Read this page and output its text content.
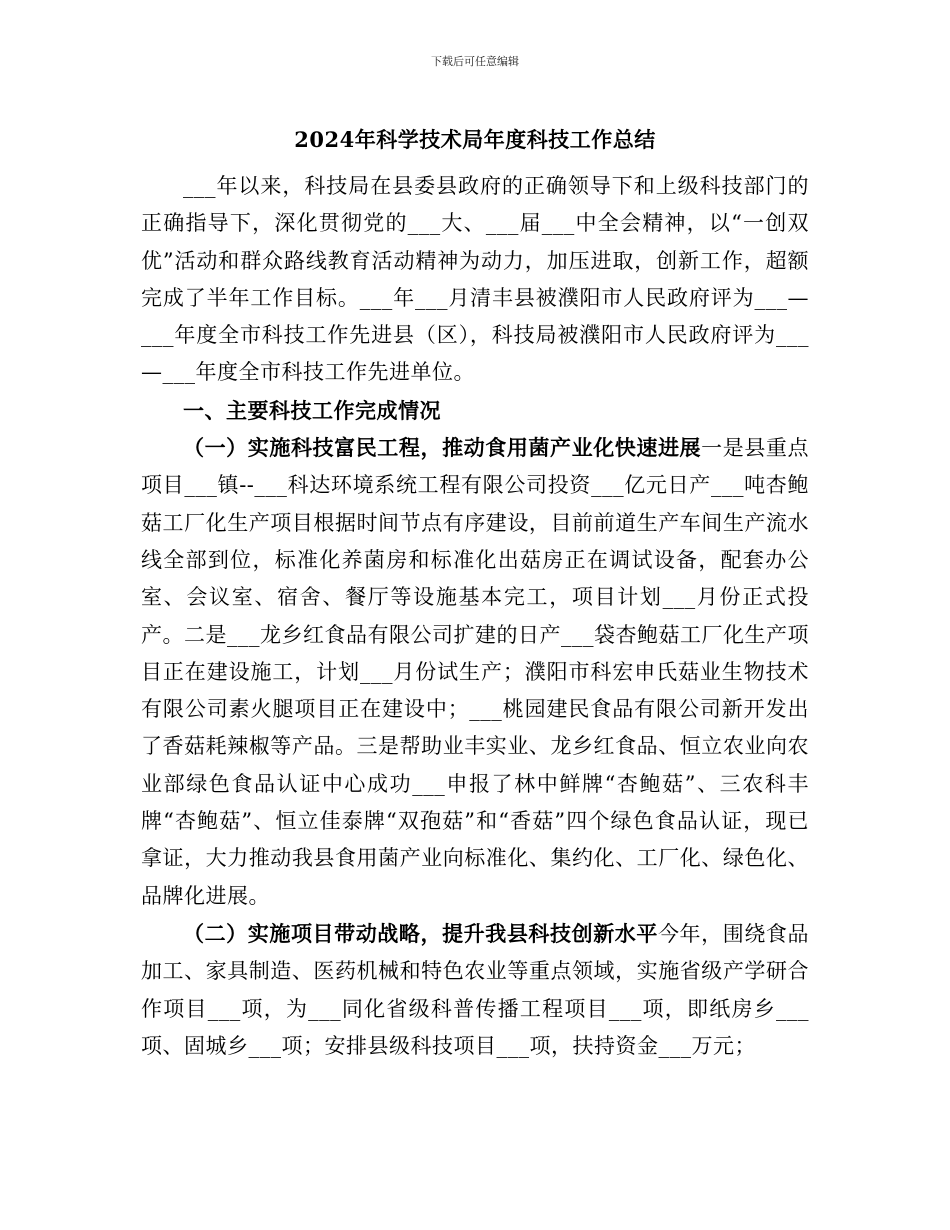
下载后可任意编辑
2024年科学技术局年度科技工作总结

___年以来，科技局在县委县政府的正确领导下和上级科技部门的正确指导下，深化贯彻党的___大、___届___中全会精神，以“一创双优”活动和群众路线教育活动精神为动力，加压进取，创新工作，超额完成了半年工作目标。___年___月清丰县被濮阳市人民政府评为___—___年度全市科技工作先进县（区），科技局被濮阳市人民政府评为___—___年度全市科技工作先进单位。

一、主要科技工作完成情况

（一）实施科技富民工程，推动食用菌产业化快速进展一是县重点项目___镇--___科达环境系统工程有限公司投资___亿元日产___吨杏鲍菇工厂化生产项目根据时间节点有序建设，目前前道生产车间生产流水线全部到位，标准化养菌房和标准化出菇房正在调试设备，配套办公室、会议室、宿舍、餐厅等设施基本完工，项目计划___月份正式投产。二是___龙乡红食品有限公司扩建的日产___袋杏鲍菇工厂化生产项目正在建设施工，计划___月份试生产；濮阳市科宏申氏菇业生物技术有限公司素火腿项目正在建设中；___桃园建民食品有限公司新开发出了香菇耗辣椒等产品。三是帮助业丰实业、龙乡红食品、恒立农业向农业部绿色食品认证中心成功___申报了林中鲜牌“杏鲍菇”、三农科丰牌“杏鲍菇”、恒立佳泰牌“双孢菇”和“香菇”四个绿色食品认证，现已拿证，大力推动我县食用菌产业向标准化、集约化、工厂化、绿色化、品牌化进展。

（二）实施项目带动战略，提升我县科技创新水平今年，围绕食品加工、家具制造、医药机械和特色农业等重点领域，实施省级产学研合作项目___项，为___同化省级科普传播工程项目___项，即纸房乡___项、固城乡___项；安排县级科技项目___项，扶持资金___万元；
